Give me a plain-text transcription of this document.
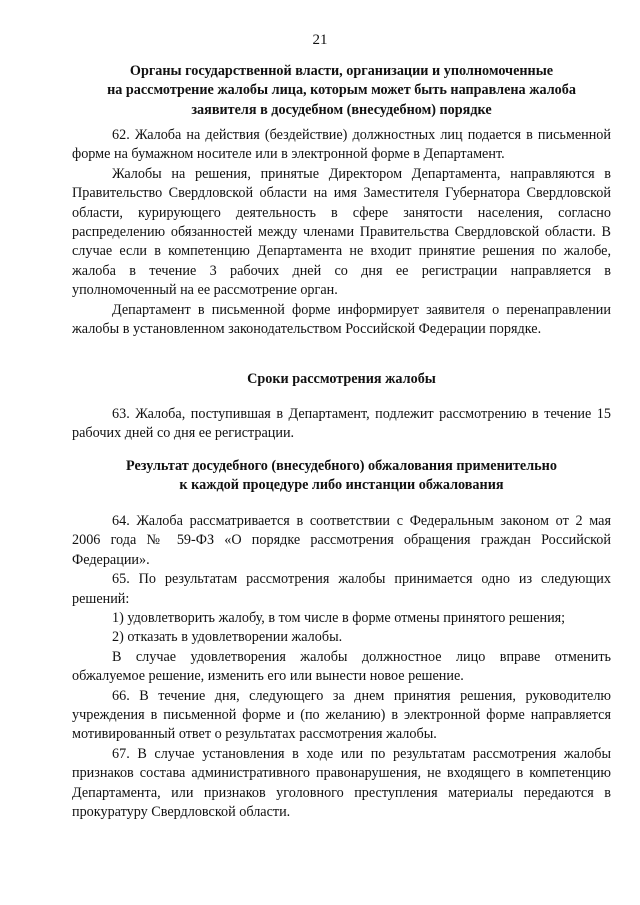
21

Органы государственной власти, организации и уполномоченные
на рассмотрение жалобы лица, которым может быть направлена жалоба
заявителя в досудебном (внесудебном) порядке

62. Жалоба на действия (бездействие) должностных лиц подается в письменной форме на бумажном носителе или в электронной форме в Департамент.

Жалобы на решения, принятые Директором Департамента, направляются в Правительство Свердловской области на имя Заместителя Губернатора Свердловской области, курирующего деятельность в сфере занятости населения, согласно распределению обязанностей между членами Правительства Свердловской области. В случае если в компетенцию Департамента не входит принятие решения по жалобе, жалоба в течение 3 рабочих дней со дня ее регистрации направляется в уполномоченный на ее рассмотрение орган.

Департамент в письменной форме информирует заявителя о перенаправлении жалобы в установленном законодательством Российской Федерации порядке.

Сроки рассмотрения жалобы

63. Жалоба, поступившая в Департамент, подлежит рассмотрению в течение 15 рабочих дней со дня ее регистрации.

Результат досудебного (внесудебного) обжалования применительно
к каждой процедуре либо инстанции обжалования

64. Жалоба рассматривается в соответствии с Федеральным законом от 2 мая 2006 года № 59-ФЗ «О порядке рассмотрения обращения граждан Российской Федерации».

65. По результатам рассмотрения жалобы принимается одно из следующих решений:

1) удовлетворить жалобу, в том числе в форме отмены принятого решения;

2) отказать в удовлетворении жалобы.

В случае удовлетворения жалобы должностное лицо вправе отменить обжалуемое решение, изменить его или вынести новое решение.

66. В течение дня, следующего за днем принятия решения, руководителю учреждения в письменной форме и (по желанию) в электронной форме направляется мотивированный ответ о результатах рассмотрения жалобы.

67. В случае установления в ходе или по результатам рассмотрения жалобы признаков состава административного правонарушения, не входящего в компетенцию Департамента, или признаков уголовного преступления материалы передаются в прокуратуру Свердловской области.
